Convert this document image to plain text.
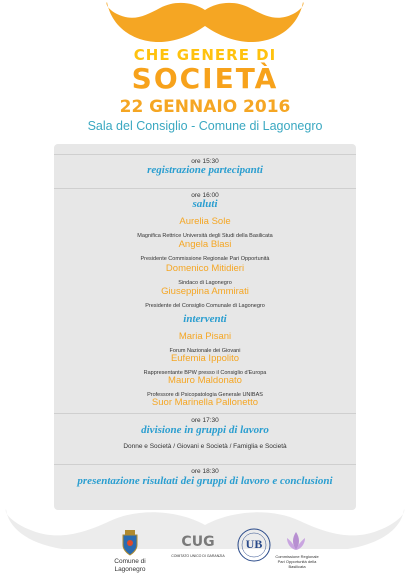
CHE GENERE DI
SOCIETÀ
22 GENNAIO 2016
Sala del Consiglio - Comune di Lagonegro
ore 15:30
registrazione partecipanti
ore 16:00
saluti
Aurelia Sole
Magnifica Rettrice Università degli Studi della Basilicata
Angela Blasi
Presidente Commissione Regionale Pari Opportunità
Domenico Mitidieri
Sindaco di Lagonegro
Giuseppina Ammirati
Presidente del Consiglio Comunale di Lagonegro
interventi
Maria Pisani
Forum Nazionale dei Giovani
Eufemia Ippolito
Rappresentante BPW presso il Consiglio d'Europa
Mauro Maldonato
Professore di Psicopatologia Generale UNIBAS
Suor Marinella Pallonetto
ore 17:30
divisione in gruppi di lavoro
Donne e Società / Giovani e Società / Famiglia e Società
ore 18:30
presentazione risultati dei gruppi di lavoro e conclusioni
Comune di
Lagonegro
CUG
COMITATO UNICO DI GARANZIA
UB
Commissione Regionale
Pari Opportunità della Basilicata
